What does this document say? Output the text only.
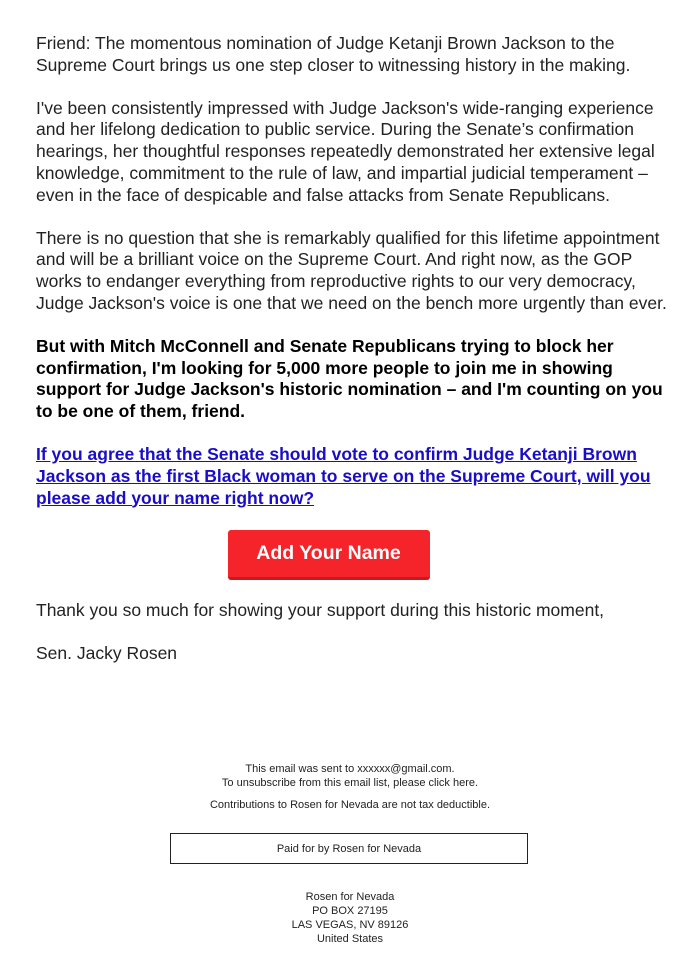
Friend: The momentous nomination of Judge Ketanji Brown Jackson to the Supreme Court brings us one step closer to witnessing history in the making.

I've been consistently impressed with Judge Jackson's wide-ranging experience and her lifelong dedication to public service. During the Senate’s confirmation hearings, her thoughtful responses repeatedly demonstrated her extensive legal knowledge, commitment to the rule of law, and impartial judicial temperament – even in the face of despicable and false attacks from Senate Republicans.

There is no question that she is remarkably qualified for this lifetime appointment and will be a brilliant voice on the Supreme Court. And right now, as the GOP works to endanger everything from reproductive rights to our very democracy, Judge Jackson's voice is one that we need on the bench more urgently than ever.

But with Mitch McConnell and Senate Republicans trying to block her confirmation, I'm looking for 5,000 more people to join me in showing support for Judge Jackson's historic nomination – and I'm counting on you to be one of them, friend.

If you agree that the Senate should vote to confirm Judge Ketanji Brown Jackson as the first Black woman to serve on the Supreme Court, will you please add your name right now?

Add Your Name

Thank you so much for showing your support during this historic moment,

Sen. Jacky Rosen

This email was sent to xxxxxx@gmail.com.

To unsubscribe from this email list, please click here.

Contributions to Rosen for Nevada are not tax deductible.

Paid for by Rosen for Nevada

Rosen for Nevada

PO BOX 27195

LAS VEGAS, NV 89126

United States
